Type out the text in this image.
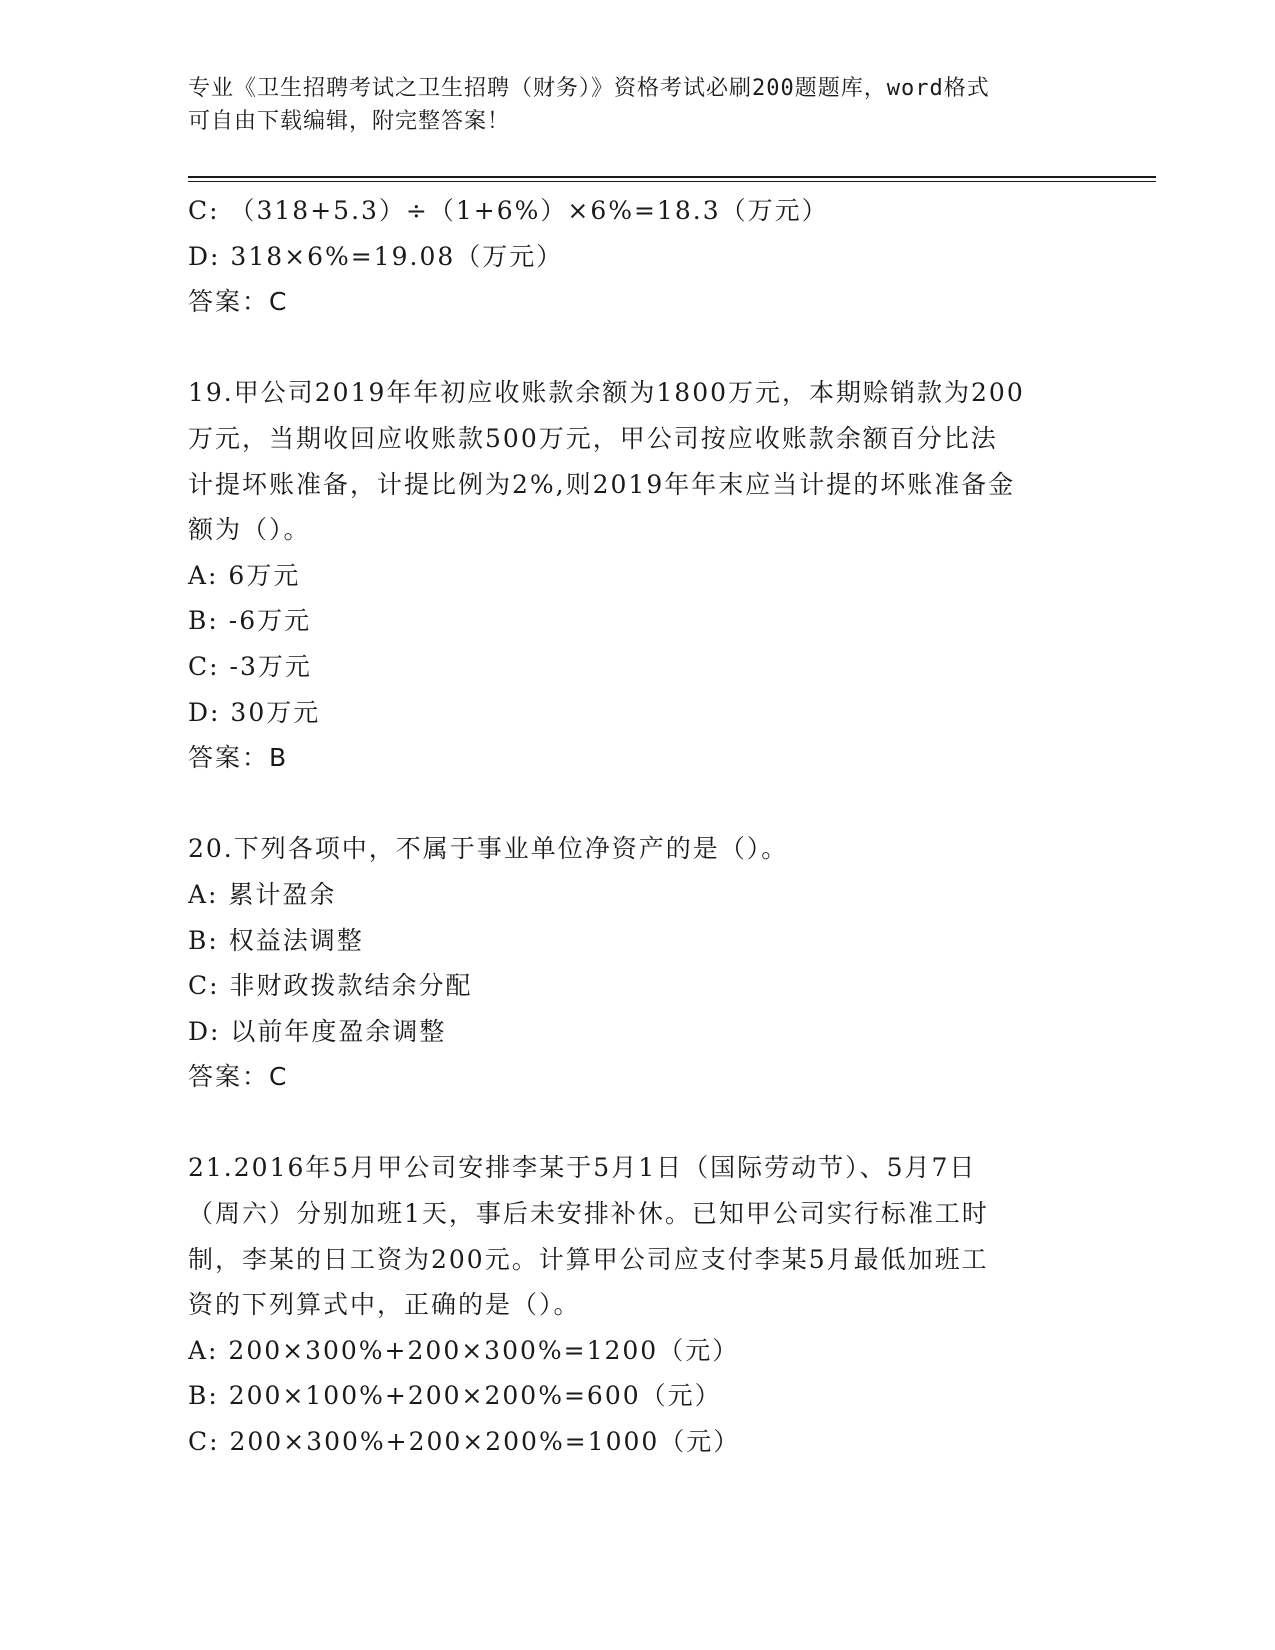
专业《卫生招聘考试之卫生招聘（财务）》资格考试必刷200题题库，word格式
可自由下载编辑，附完整答案！
C: （318+5.3）÷（1+6%）×6%=18.3（万元）
D: 318×6%=19.08（万元）
答案：C
19.甲公司2019年年初应收账款余额为1800万元，本期赊销款为200
万元，当期收回应收账款500万元，甲公司按应收账款余额百分比法
计提坏账准备，计提比例为2%,则2019年年末应当计提的坏账准备金
额为（）。
A: 6万元
B: -6万元
C: -3万元
D: 30万元
答案：B
20.下列各项中，不属于事业单位净资产的是（）。
A: 累计盈余
B: 权益法调整
C: 非财政拨款结余分配
D: 以前年度盈余调整
答案：C
21.2016年5月甲公司安排李某于5月1日（国际劳动节）、5月7日
（周六）分别加班1天，事后未安排补休。已知甲公司实行标准工时
制，李某的日工资为200元。计算甲公司应支付李某5月最低加班工
资的下列算式中，正确的是（）。
A: 200×300%+200×300%=1200（元）
B: 200×100%+200×200%=600（元）
C: 200×300%+200×200%=1000（元）
